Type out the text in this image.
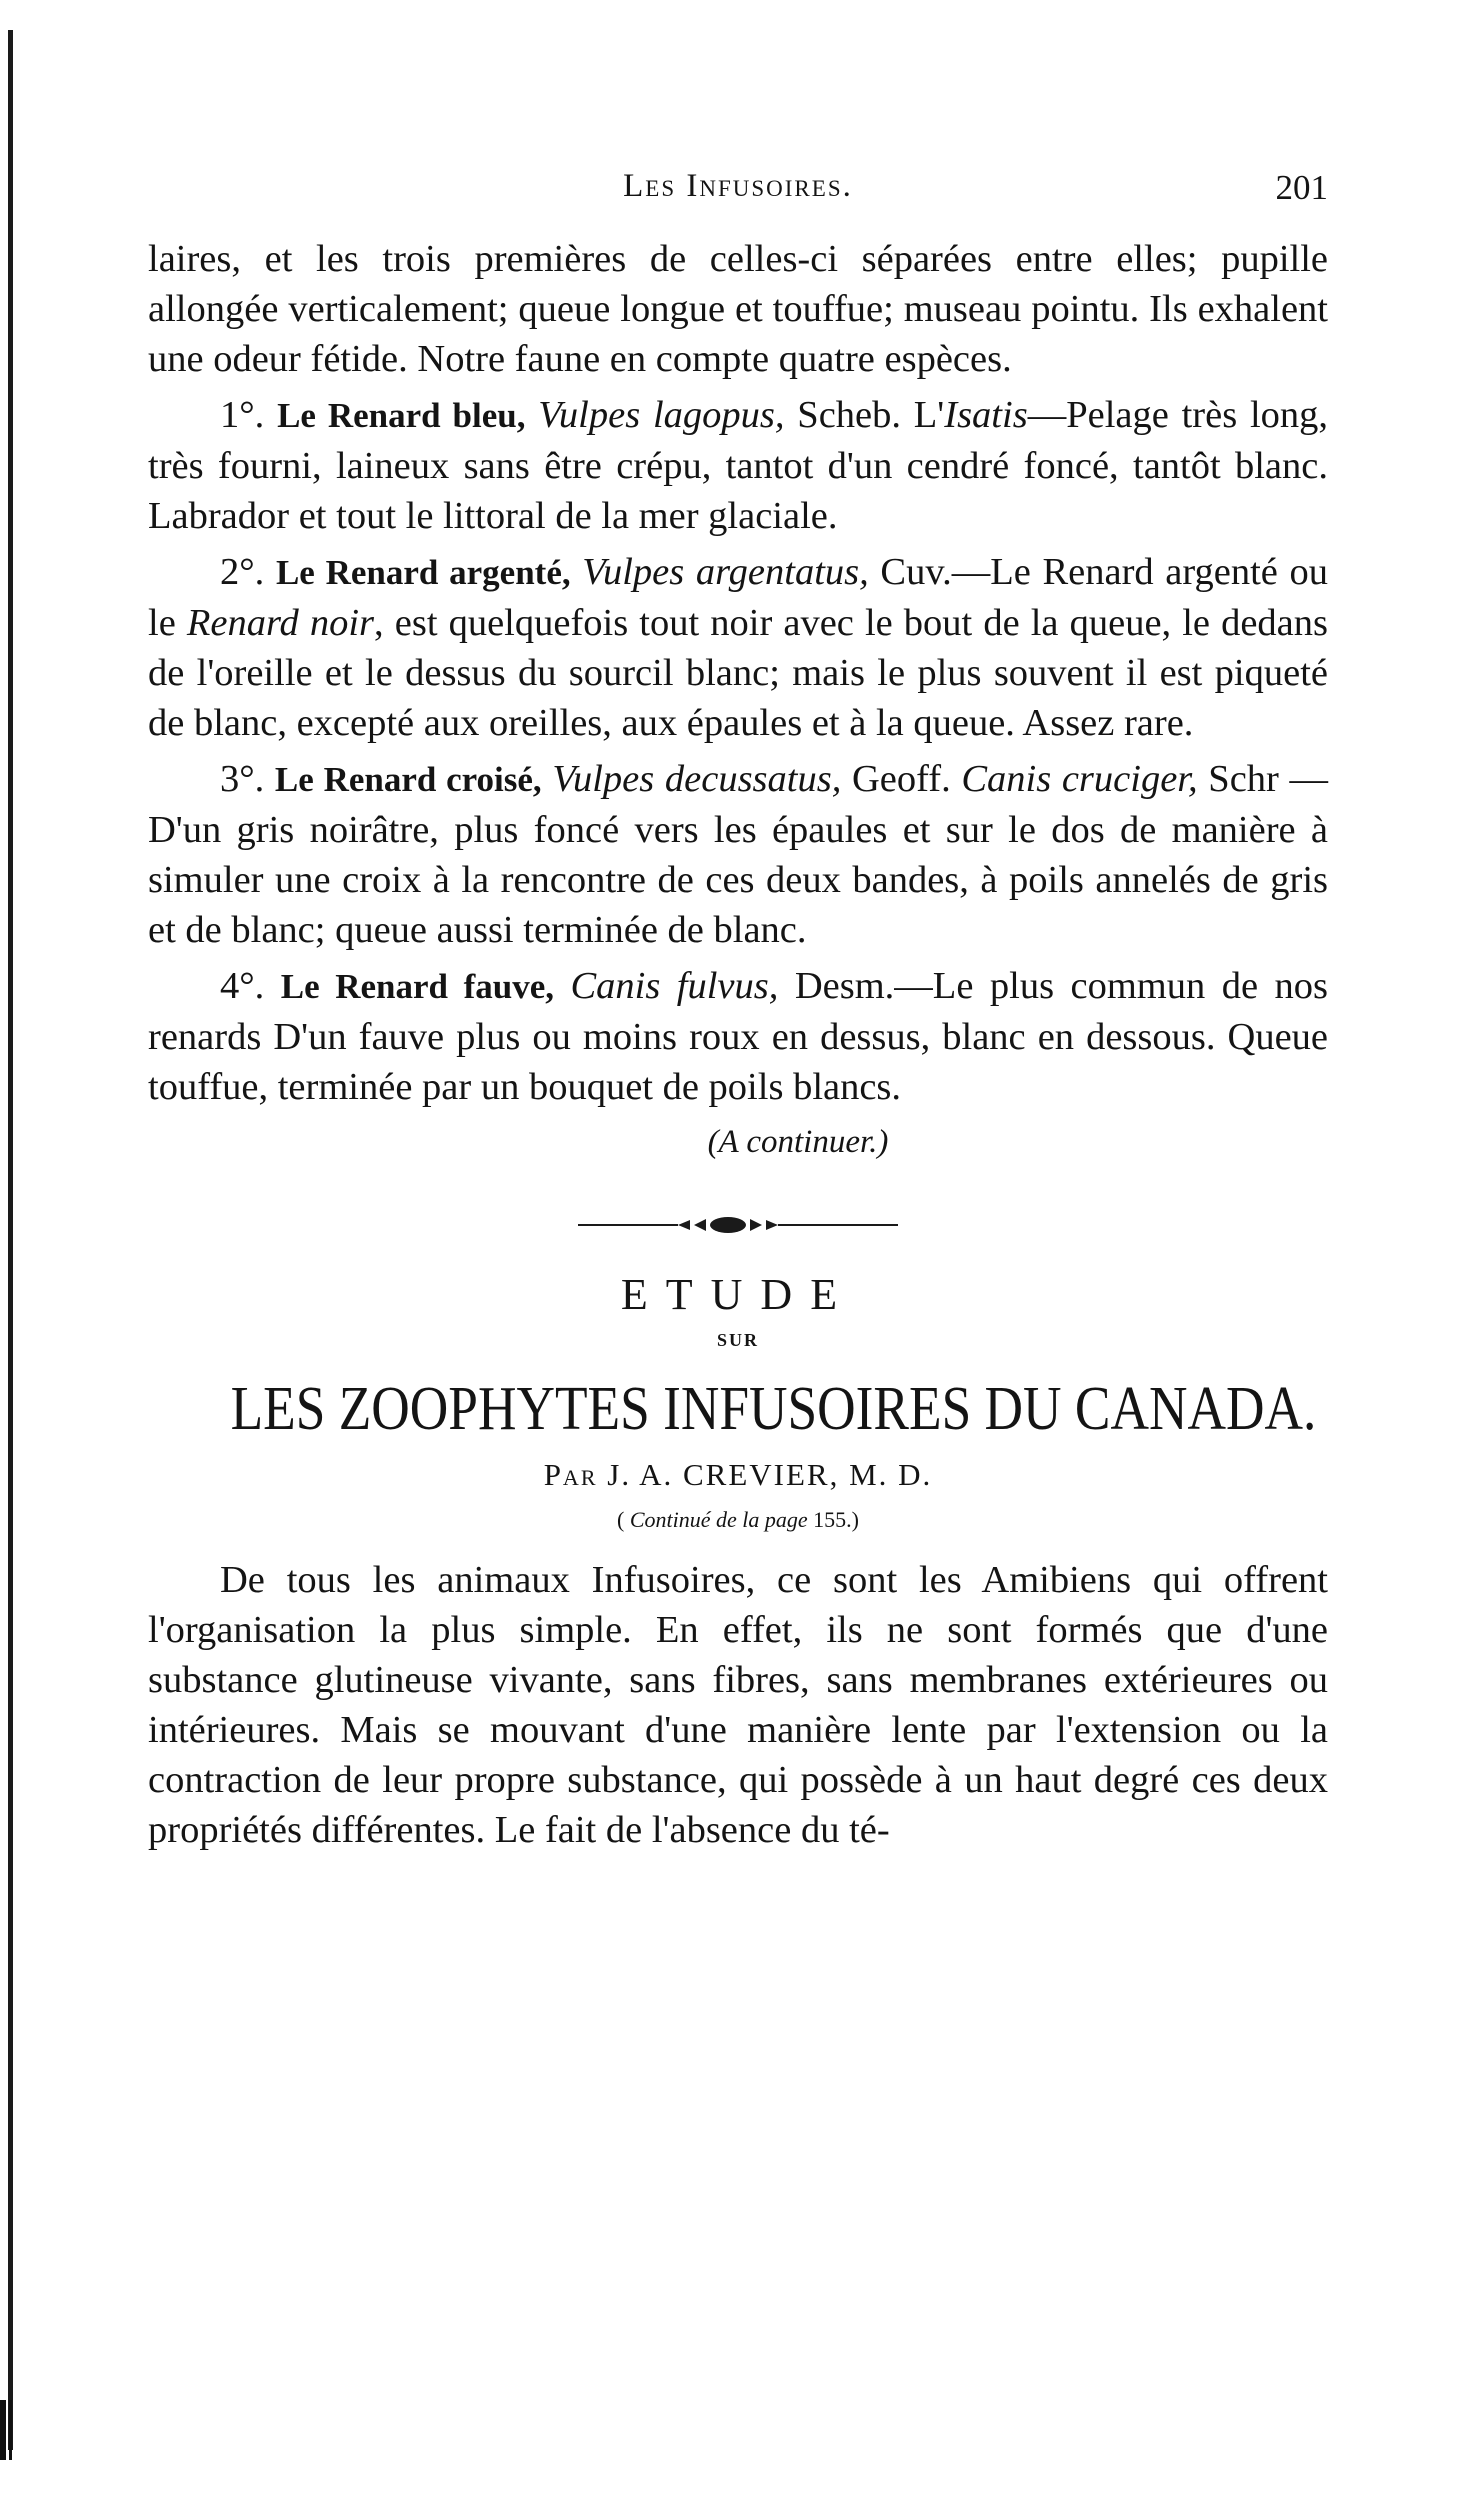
Les Infusoires.	201

laires, et les trois premières de celles-ci séparées entre elles; pupille allongée verticalement; queue longue et touffue; museau pointu. Ils exhalent une odeur fétide. Notre faune en compte quatre espèces.

1°. Le Renard bleu, Vulpes lagopus, Scheb. L'Isatis—Pelage très long, très fourni, laineux sans être crépu, tantot d'un cendré foncé, tantôt blanc. Labrador et tout le littoral de la mer glaciale.

2°. Le Renard argenté, Vulpes argentatus, Cuv.—Le Renard argenté ou le Renard noir, est quelquefois tout noir avec le bout de la queue, le dedans de l'oreille et le dessus du sourcil blanc; mais le plus souvent il est piqueté de blanc, excepté aux oreilles, aux épaules et à la queue. Assez rare.

3°. Le Renard croisé, Vulpes decussatus, Geoff. Canis cruciger, Schr —D'un gris noirâtre, plus foncé vers les épaules et sur le dos de manière à simuler une croix à la rencontre de ces deux bandes, à poils annelés de gris et de blanc; queue aussi terminée de blanc.

4°. Le Renard fauve, Canis fulvus, Desm.—Le plus commun de nos renards D'un fauve plus ou moins roux en dessus, blanc en dessous. Queue touffue, terminée par un bouquet de poils blancs.

(A continuer.)
ETUDE
SUR
LES ZOOPHYTES INFUSOIRES DU CANADA.
Par J. A. CREVIER, M. D.
( Continué de la page 155.)

De tous les animaux Infusoires, ce sont les Amibiens qui offrent l'organisation la plus simple. En effet, ils ne sont formés que d'une substance glutineuse vivante, sans fibres, sans membranes extérieures ou intérieures. Mais se mouvant d'une manière lente par l'extension ou la contraction de leur propre substance, qui possède à un haut degré ces deux propriétés différentes. Le fait de l'absence du té-
